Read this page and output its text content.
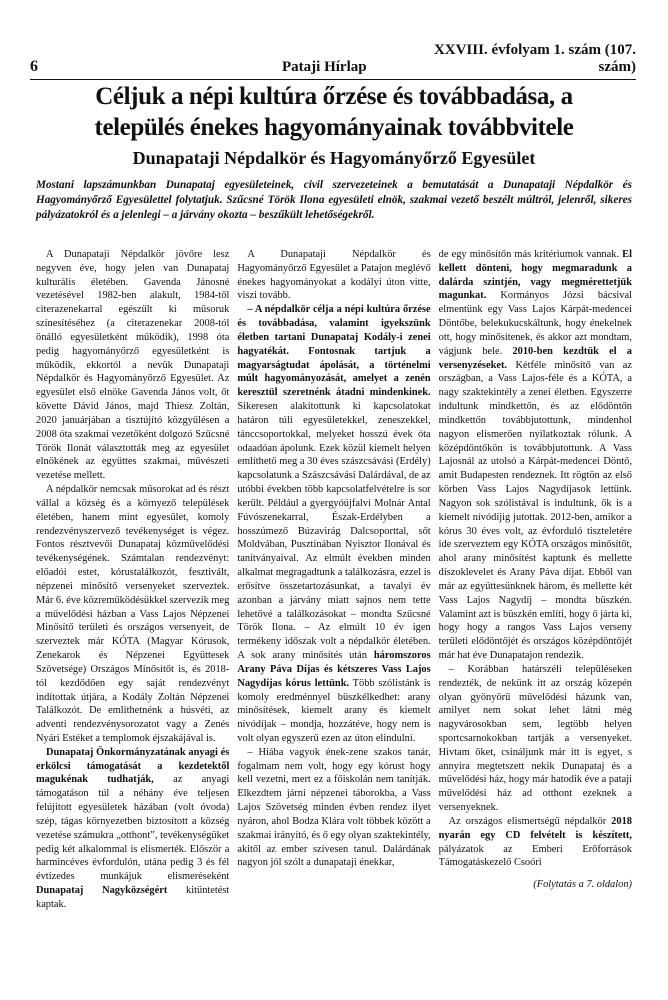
6	Pataji Hírlap
XXVIII. évfolyam 1. szám (107. szám)
Céljuk a népi kultúra őrzése és továbbadása, a
település énekes hagyományainak továbbvitele
Dunapataji Népdalkör és Hagyományőrző Egyesület
Mostani lapszámunkban Dunapataj egyesületeinek, civil szervezeteinek a bemutatását a Dunapataji Népdalkör és Hagyományőrző Egyesülettel folytatjuk. Szűcsné Török Ilona egyesületi elnök, szakmai vezető beszélt múltról, jelenről, sikeres pályázatokról és a jelenlegi – a járvány okozta – beszűkült lehetőségekről.

A Dunapataji Népdalkör jövőre lesz negyven éve, hogy jelen van Dunapataj kulturális életében. Gavenda Jánosné vezetésével 1982-ben alakult, 1984-től citerazenekarral egészült ki műsoruk színesítéséhez (a citerazenekar 2008-tól önálló egyesületként működik), 1998 óta pedig hagyományőrző egyesületként is működik, ekkortól a nevük Dunapataji Népdalkör és Hagyományőrző Egyesület. Az egyesület első elnöke Gavenda János volt, őt követte Dávid János, majd Thiesz Zoltán, 2020 januárjában a tisztújító közgyűlésen a 2008 óta szakmai vezetőként dolgozó Szűcsné Török Ilonát választották meg az egyesület elnökének az együttes szakmai, művészeti vezetése mellett.

A népdalkör nemcsak műsorokat ad és részt vállal a község és a környező települések életében, hanem mint egyesület, komoly rendezvényszervező tevékenységet is végez. Fontos résztvevői Dunapataj közművelődési tevékenységének. Számtalan rendezvényt: előadói estet, kórustalálkozót, fesztivált, népzenei minősítő versenyeket szerveztek. Már 6. éve közreműködésükkel szervezik meg a művelődési házban a Vass Lajos Népzenei Minősítő területi és országos versenyeit, de szerveztek már KÓTA (Magyar Kórusok, Zenekarok és Népzenei Együttesek Szövetsége) Országos Minősítőt is, és 2018-tól kezdődően egy saját rendezvényt indítottak útjára, a Kodály Zoltán Népzenei Találkozót. De említhetnénk a húsvéti, az adventi rendezvénysorozatot vagy a Zenés Nyári Estéket a templomok éjszakájával is.

Dunapataj Önkormányzatának anyagi és erkölcsi támogatását a kezdetektől magukénak tudhatják, az anyagi támogatáson túl a néhány éve teljesen felújított egyesületek házában (volt óvoda) szép, tágas környezetben biztosított a község vezetése számukra „otthont”, tevékenységüket pedig két alkalommal is elismerték. Először a harmincéves évfordulón, utána pedig 3 és fél évtizedes munkájuk elismeréseként Dunapataj Nagyközségért kitüntetést kaptak.

A Dunapataji Népdalkör és Hagyományőrző Egyesület a Patajon meglévő énekes hagyományokat a kodályi úton vitte, viszi tovább.

– A népdalkör célja a népi kultúra őrzése és továbbadása, valamint igyekszünk életben tartani Dunapataj Kodály-i zenei hagyatékát. Fontosnak tartjuk a magyarságtudat ápolását, a történelmi múlt hagyományozását, amelyet a zenén keresztül szeretnénk átadni mindenkinek. Sikeresen alakítottunk ki kapcsolatokat határon túli egyesületekkel, zeneszekkel, tánccsoportokkal, melyeket hosszú évek óta odaadóan ápolunk. Ezek közül kiemelt helyen említhető meg a 30 éves szászcsávási (Erdély) kapcsolatunk a Szászcsávási Dalárdával, de az utóbbi években több kapcsolatfelvételre is sor került. Például a gyergyóújfalvi Molnár Antal Fúvószenekarral, Észak-Erdélyben a hosszúmező Búzavirág Dalcsoporttal, sőt Moldvában, Pusztinában Nyisztor Ilonával és tanítványaival. Az elmúlt években minden alkalmat megragadtunk a találkozásra, ezzel is erősítve összetartozásunkat, a tavalyi év azonban a járvány miatt sajnos nem tette lehetővé a találkozásokat – mondta Szűcsné Török Ilona. – Az elmúlt 10 év igen termékeny időszak volt a népdalkör életében. A sok arany minősítés után háromszoros Arany Páva Díjas és kétszeres Vass Lajos Nagydíjas kórus lettünk. Több szólistánk is komoly eredménnyel büszkélkedhet: arany minősítések, kiemelt arany és kiemelt nívódíjak – mondja, hozzátéve, hogy nem is volt olyan egyszerű ezen az úton elindulni.

– Hiába vagyok ének-zene szakos tanár, fogalmam nem volt, hogy egy kórust hogy kell vezetni, mert ez a főiskolán nem tanítják. Elkezdtem járni népzenei táborokba, a Vass Lajos Szövetség minden évben rendez ilyet nyáron, ahol Bodza Klára volt többek között a szakmai irányító, és ő egy olyan szaktekintély, akitől az ember szívesen tanul. Dalárdának nagyon jól szólt a dunapataji énekkar,

de egy minősítőn más kritériumok vannak. El kellett dönteni, hogy megmaradunk a dalárda szintjén, vagy megmérettetjük magunkat. Kormányos Józsi bácsival elmentünk egy Vass Lajos Kárpát-medencei Döntőbe, belekukucskáltunk, hogy énekelnek ott, hogy minősítenek, és akkor azt mondtam, vágjunk bele. 2010-ben kezdtük el a versenyzéseket. Kétféle minősítő van az országban, a Vass Lajos-féle és a KÓTA, a nagy szaktekintély a zenei életben. Egyszerre indultunk mindkettőn, és az elődöntőn mindkettőn továbbjutottunk, mindenhol nagyon elismerően nyilatkoztak rólunk. A középdöntőkön is továbbjutottunk. A Vass Lajosnál az utolsó a Kárpát-medencei Döntő, amit Budapesten rendeznek. Itt rögtön az első körben Vass Lajos Nagydíjasok lettünk. Nagyon sok szólistával is indultunk, ők is a kiemelt nívódíjig jutottak. 2012-ben, amikor a kórus 30 éves volt, az évforduló tiszteletére ide szerveztem egy KÓTA országos minősítőt, ahol arany minősítést kaptunk és mellette díszoklevelet és Arany Páva díjat. Ebből van már az együttesünknek három, és mellette két Vass Lajos Nagydíj – mondta büszkén. Valamint azt is büszkén említi, hogy ő járta ki, hogy hogy a rangos Vass Lajos verseny területi elődöntőjét és országos középdöntőjét már hat éve Dunapatajon rendezik.

– Korábban határszéli településeken rendezték, de nekünk itt az ország közepén olyan gyönyörű művelődési házunk van, amilyet nem sokat lehet látni még nagyvárosokban sem, legtöbb helyen sportcsarnokokban tartják a versenyeket. Hivtam őket, csináljunk már itt is egyet, s annyira megtetszett nekik Dunapataj és a művelődési ház, hogy már hatodik éve a pataji művelődési ház ad otthont ezeknek a versenyeknek.

Az országos elismertségű népdalkör 2018 nyarán egy CD felvételt is készített, pályázatok az Emberi Erőforrások Támogatáskezelő Csoóri

(Folytatás a 7. oldalon)
